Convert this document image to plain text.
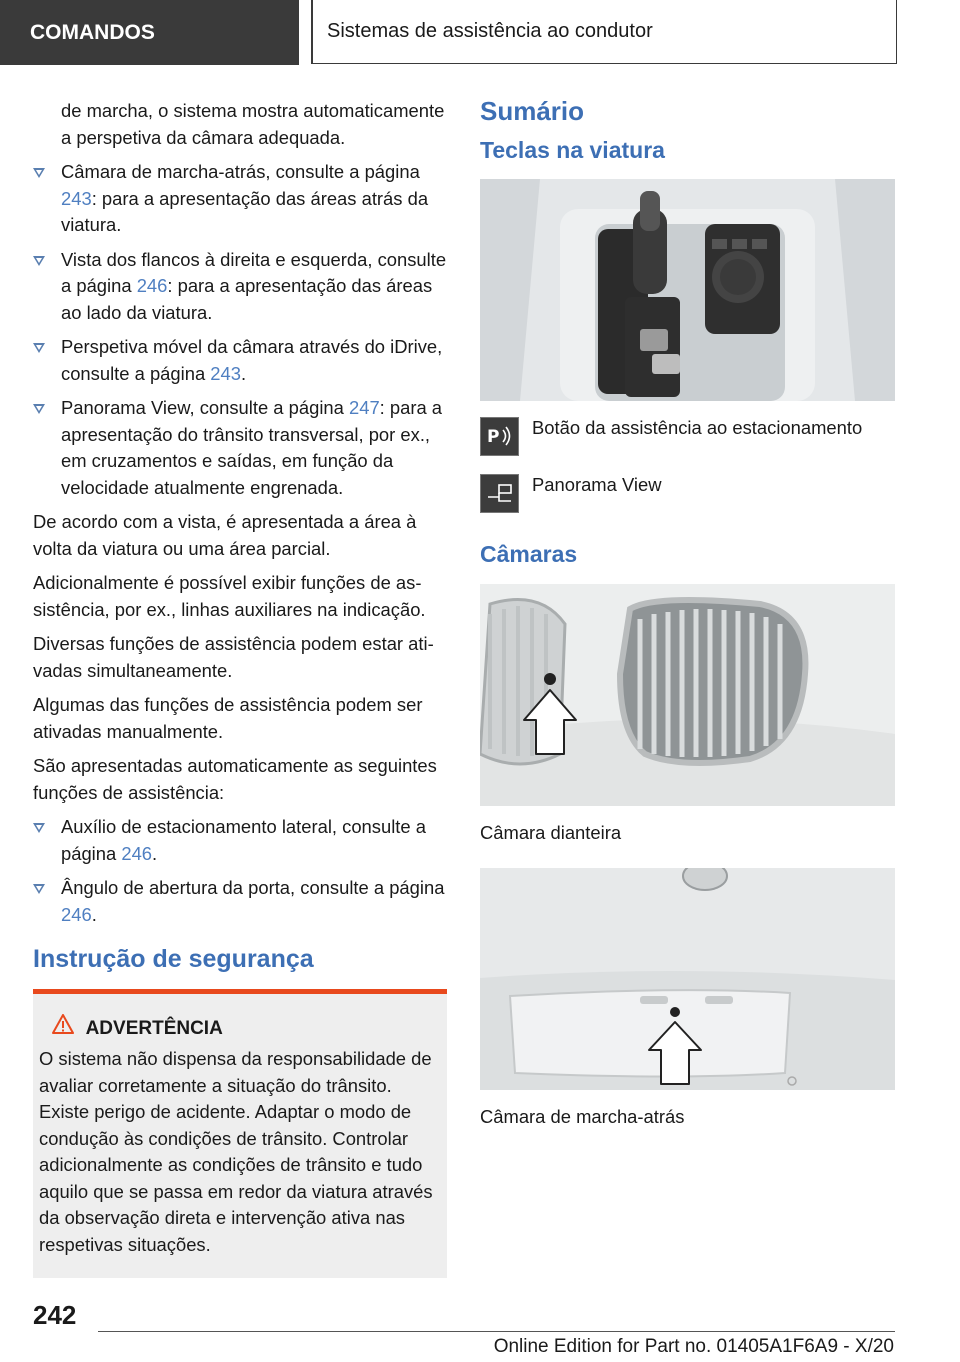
COMANDOS	Sistemas de assistência ao condutor

de marcha, o sistema mostra automaticamente a perspetiva da câmara adequada.

Câmara de marcha-atrás, consulte a página 243: para a apresentação das áreas atrás da viatura.
Vista dos flancos à direita e esquerda, consulte a página 246: para a apresentação das áreas ao lado da viatura.
Perspetiva móvel da câmara através do iDrive, consulte a página 243.
Panorama View, consulte a página 247: para a apresentação do trânsito transversal, por ex., em cruzamentos e saídas, em função da velocidade atualmente engrenada.

De acordo com a vista, é apresentada a área à volta da viatura ou uma área parcial.

Adicionalmente é possível exibir funções de assistência, por ex., linhas auxiliares na indicação.

Diversas funções de assistência podem estar ativadas simultaneamente.

Algumas das funções de assistência podem ser ativadas manualmente.

São apresentadas automaticamente as seguintes funções de assistência:

Auxílio de estacionamento lateral, consulte a página 246.
Ângulo de abertura da porta, consulte a página 246.
Instrução de segurança
ADVERTÊNCIA
O sistema não dispensa da responsabilidade de avaliar corretamente a situação do trânsito. Existe perigo de acidente. Adaptar o modo de condução às condições de trânsito. Controlar adicionalmente as condições de trânsito e tudo aquilo que se passa em redor da viatura através da observação direta e intervenção ativa nas respetivas situações.
Sumário
Teclas na viatura
P	Botão da assistência ao estacionamento
Panorama View
Câmaras
Câmara dianteira
Câmara de marcha-atrás
242
Online Edition for Part no. 01405A1F6A9 - X/20
